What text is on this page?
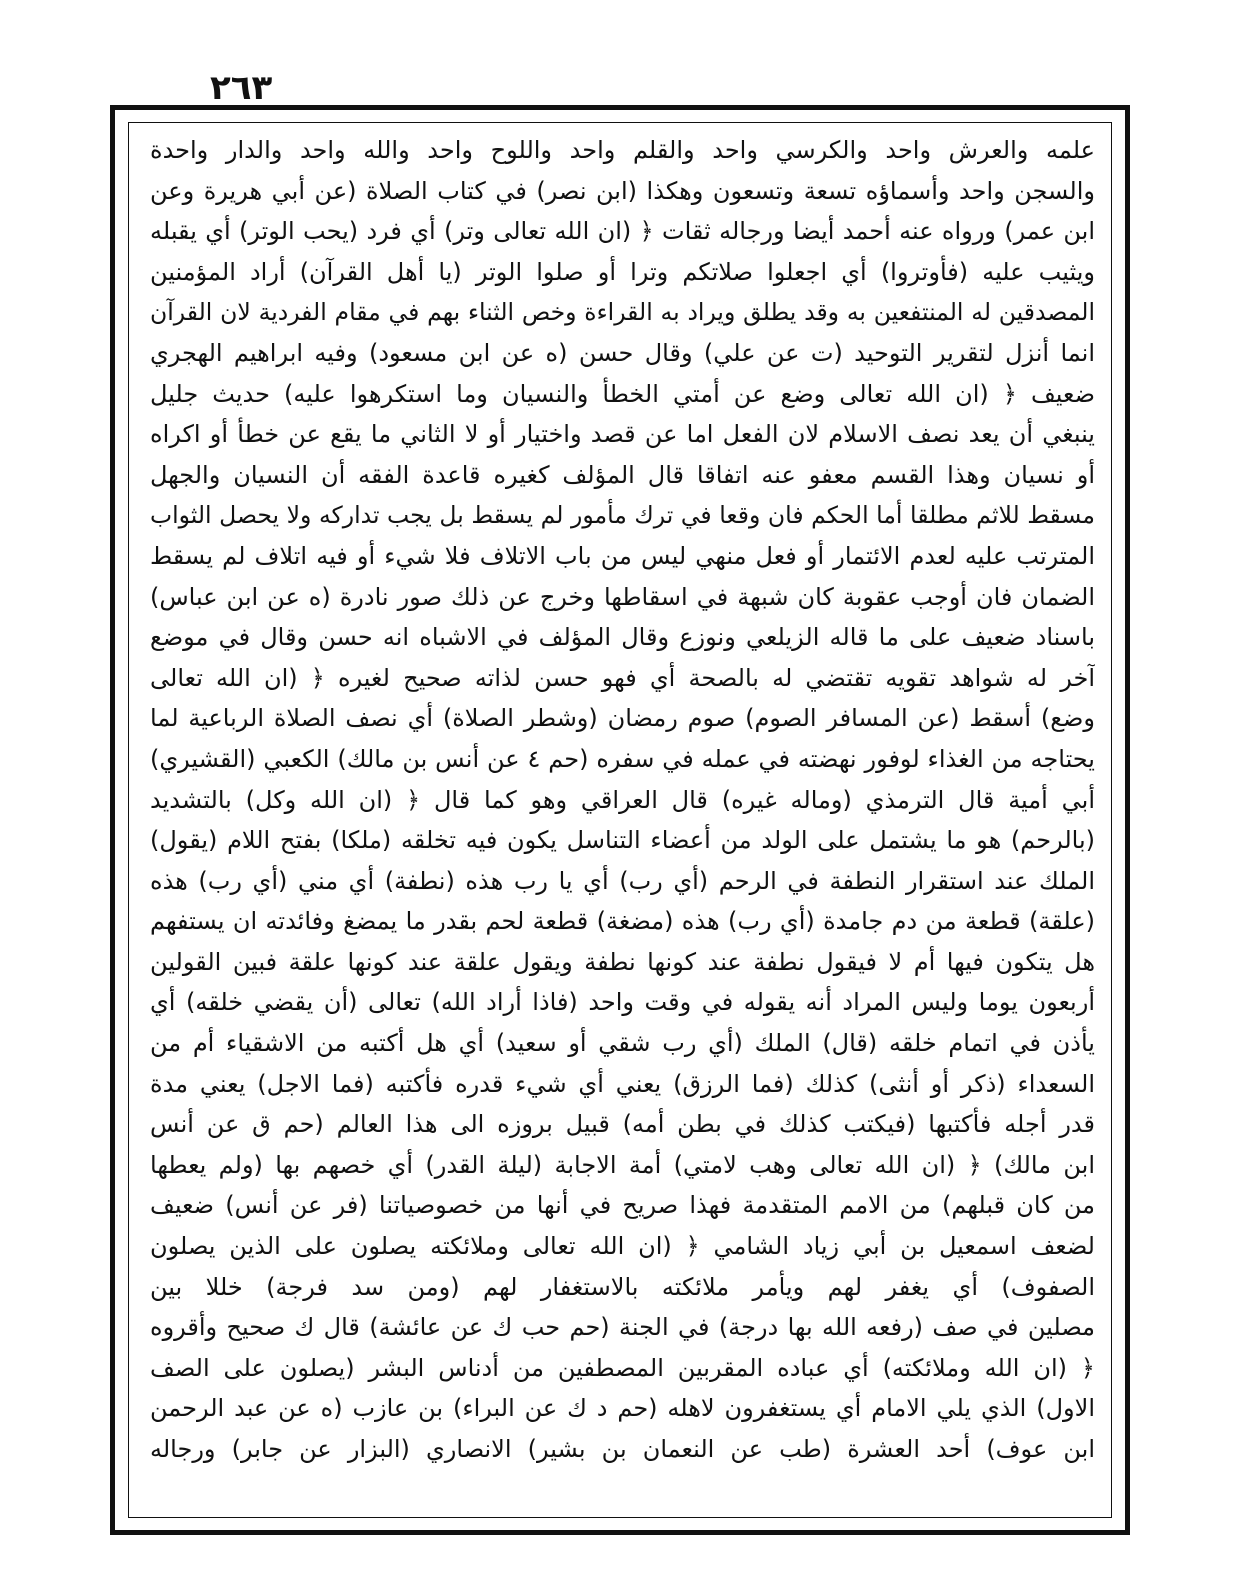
٢٦٣
علمه والعرش واحد والكرسي واحد والقلم واحد واللوح واحد والله واحد والدار واحدة
والسجن واحد وأسماؤه تسعة وتسعون وهكذا (ابن نصر) في كتاب الصلاة (عن أبي هريرة وعن
ابن عمر) ورواه عنه أحمد أيضا ورجاله ثقات ﴿ (ان الله تعالى وتر) أي فرد (يحب الوتر) أي يقبله
ويثيب عليه (فأوتروا) أي اجعلوا صلاتكم وترا أو صلوا الوتر (يا أهل القرآن) أراد المؤمنين
المصدقين له المنتفعين به وقد يطلق ويراد به القراءة وخص الثناء بهم في مقام الفردية لان القرآن
انما أنزل لتقرير التوحيد (ت عن علي) وقال حسن (ه عن ابن مسعود) وفيه ابراهيم الهجري
ضعيف ﴿ (ان الله تعالى وضع عن أمتي الخطأ والنسيان وما استكرهوا عليه) حديث جليل
ينبغي أن يعد نصف الاسلام لان الفعل اما عن قصد واختيار أو لا الثاني ما يقع عن خطأ أو اكراه
أو نسيان وهذا القسم معفو عنه اتفاقا قال المؤلف كغيره قاعدة الفقه أن النسيان والجهل
مسقط للاثم مطلقا أما الحكم فان وقعا في ترك مأمور لم يسقط بل يجب تداركه ولا يحصل الثواب
المترتب عليه لعدم الائتمار أو فعل منهي ليس من باب الاتلاف فلا شيء أو فيه اتلاف لم يسقط
الضمان فان أوجب عقوبة كان شبهة في اسقاطها وخرج عن ذلك صور نادرة (ه عن ابن عباس)
باسناد ضعيف على ما قاله الزيلعي ونوزع وقال المؤلف في الاشباه انه حسن وقال في موضع
آخر له شواهد تقويه تقتضي له بالصحة أي فهو حسن لذاته صحيح لغيره ﴿ (ان الله تعالى
وضع) أسقط (عن المسافر الصوم) صوم رمضان (وشطر الصلاة) أي نصف الصلاة الرباعية لما
يحتاجه من الغذاء لوفور نهضته في عمله في سفره (حم ٤ عن أنس بن مالك) الكعبي (القشيري)
أبي أمية قال الترمذي (وماله غيره) قال العراقي وهو كما قال ﴿ (ان الله وكل) بالتشديد
(بالرحم) هو ما يشتمل على الولد من أعضاء التناسل يكون فيه تخلقه (ملكا) بفتح اللام (يقول)
الملك عند استقرار النطفة في الرحم (أي رب) أي يا رب هذه (نطفة) أي مني (أي رب) هذه
(علقة) قطعة من دم جامدة (أي رب) هذه (مضغة) قطعة لحم بقدر ما يمضغ وفائدته ان يستفهم
هل يتكون فيها أم لا فيقول نطفة عند كونها نطفة ويقول علقة عند كونها علقة فبين القولين
أربعون يوما وليس المراد أنه يقوله في وقت واحد (فاذا أراد الله) تعالى (أن يقضي خلقه) أي
يأذن في اتمام خلقه (قال) الملك (أي رب شقي أو سعيد) أي هل أكتبه من الاشقياء أم من
السعداء (ذكر أو أنثى) كذلك (فما الرزق) يعني أي شيء قدره فأكتبه (فما الاجل) يعني مدة
قدر أجله فأكتبها (فيكتب كذلك في بطن أمه) قبيل بروزه الى هذا العالم (حم ق عن أنس
ابن مالك) ﴿ (ان الله تعالى وهب لامتي) أمة الاجابة (ليلة القدر) أي خصهم بها (ولم يعطها
من كان قبلهم) من الامم المتقدمة فهذا صريح في أنها من خصوصياتنا (فر عن أنس) ضعيف
لضعف اسمعيل بن أبي زياد الشامي ﴿ (ان الله تعالى وملائكته يصلون على الذين يصلون
الصفوف) أي يغفر لهم ويأمر ملائكته بالاستغفار لهم (ومن سد فرجة) خللا بين
مصلين في صف (رفعه الله بها درجة) في الجنة (حم حب ك عن عائشة) قال ك صحيح وأقروه
﴿ (ان الله وملائكته) أي عباده المقربين المصطفين من أدناس البشر (يصلون على الصف
الاول) الذي يلي الامام أي يستغفرون لاهله (حم د ك عن البراء) بن عازب (ه عن عبد الرحمن
ابن عوف) أحد العشرة (طب عن النعمان بن بشير) الانصاري (البزار عن جابر) ورجاله
